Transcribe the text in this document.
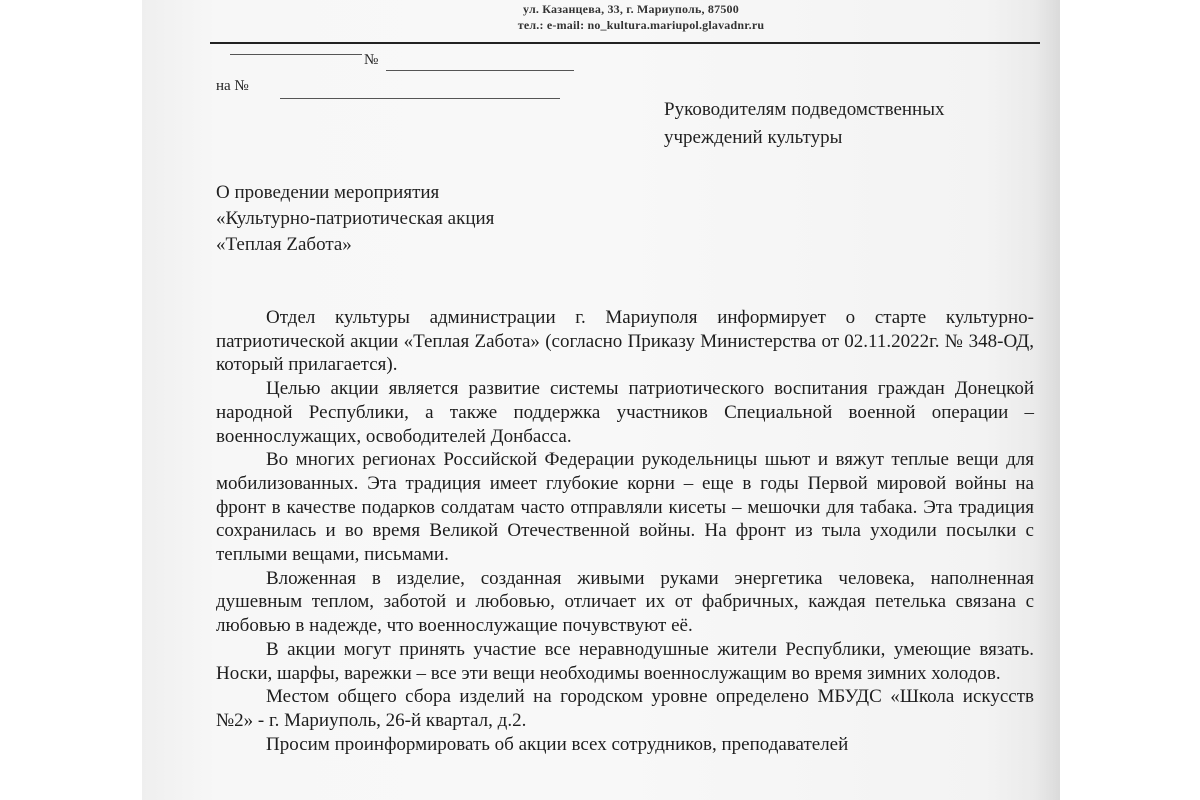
ул. Казанцева, 33, г. Мариуполь, 87500
тел.: e-mail: no_kultura.mariupol.glavadnr.ru
№
на №
Руководителям подведомственных
учреждений культуры
О проведении мероприятия
«Культурно-патриотическая акция
«Теплая Zабота»

Отдел культуры администрации г. Мариуполя информирует о старте культурно-патриотической акции «Теплая Zабота» (согласно Приказу Министерства от 02.11.2022г. № 348-ОД, который прилагается).

Целью акции является развитие системы патриотического воспитания граждан Донецкой народной Республики, а также поддержка участников Специальной военной операции – военнослужащих, освободителей Донбасса.

Во многих регионах Российской Федерации рукодельницы шьют и вяжут теплые вещи для мобилизованных. Эта традиция имеет глубокие корни – еще в годы Первой мировой войны на фронт в качестве подарков солдатам часто отправляли кисеты – мешочки для табака. Эта традиция сохранилась и во время Великой Отечественной войны. На фронт из тыла уходили посылки с теплыми вещами, письмами.

Вложенная в изделие, созданная живыми руками энергетика человека, наполненная душевным теплом, заботой и любовью, отличает их от фабричных, каждая петелька связана с любовью в надежде, что военнослужащие почувствуют её.

В акции могут принять участие все неравнодушные жители Республики, умеющие вязать. Носки, шарфы, варежки – все эти вещи необходимы военнослужащим во время зимних холодов.

Местом общего сбора изделий на городском уровне определено МБУДС «Школа искусств №2» - г. Мариуполь, 26-й квартал, д.2.

Просим проинформировать об акции всех сотрудников, преподавателей
